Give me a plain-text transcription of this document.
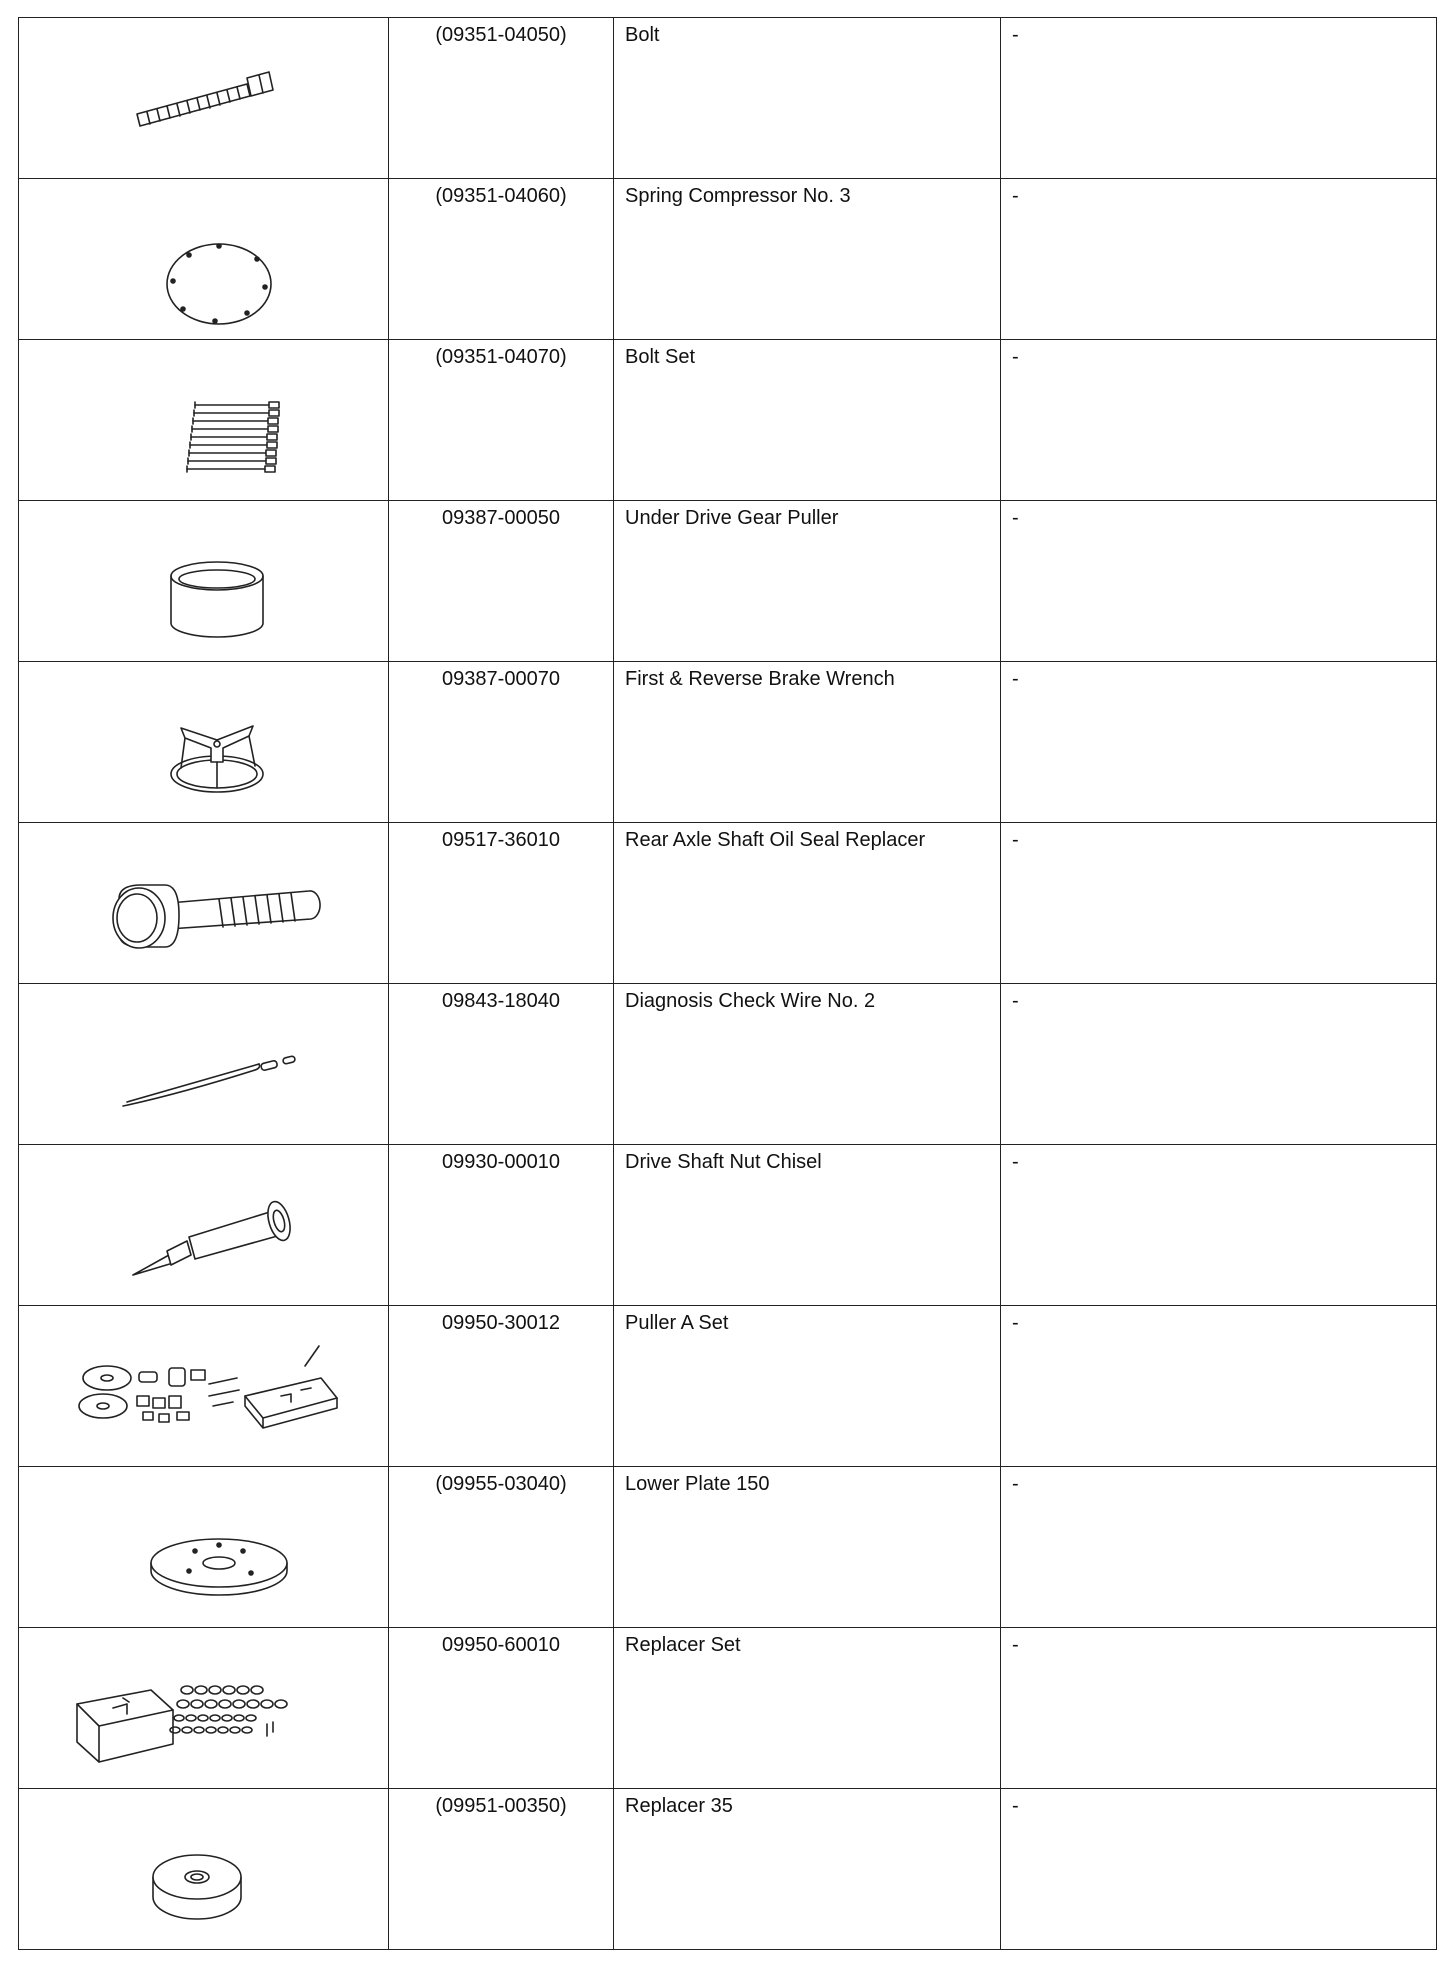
(09351-04050)	Bolt	-

(09351-04060)	Spring Compressor No. 3	-

(09351-04070)	Bolt Set	-

09387-00050	Under Drive Gear Puller	-

09387-00070	First & Reverse Brake Wrench	-

09517-36010	Rear Axle Shaft Oil Seal Replacer	-

09843-18040	Diagnosis Check Wire No. 2	-

09930-00010	Drive Shaft Nut Chisel	-

09950-30012	Puller A Set	-

(09955-03040)	Lower Plate 150	-

09950-60010	Replacer Set	-

(09951-00350)	Replacer 35	-
